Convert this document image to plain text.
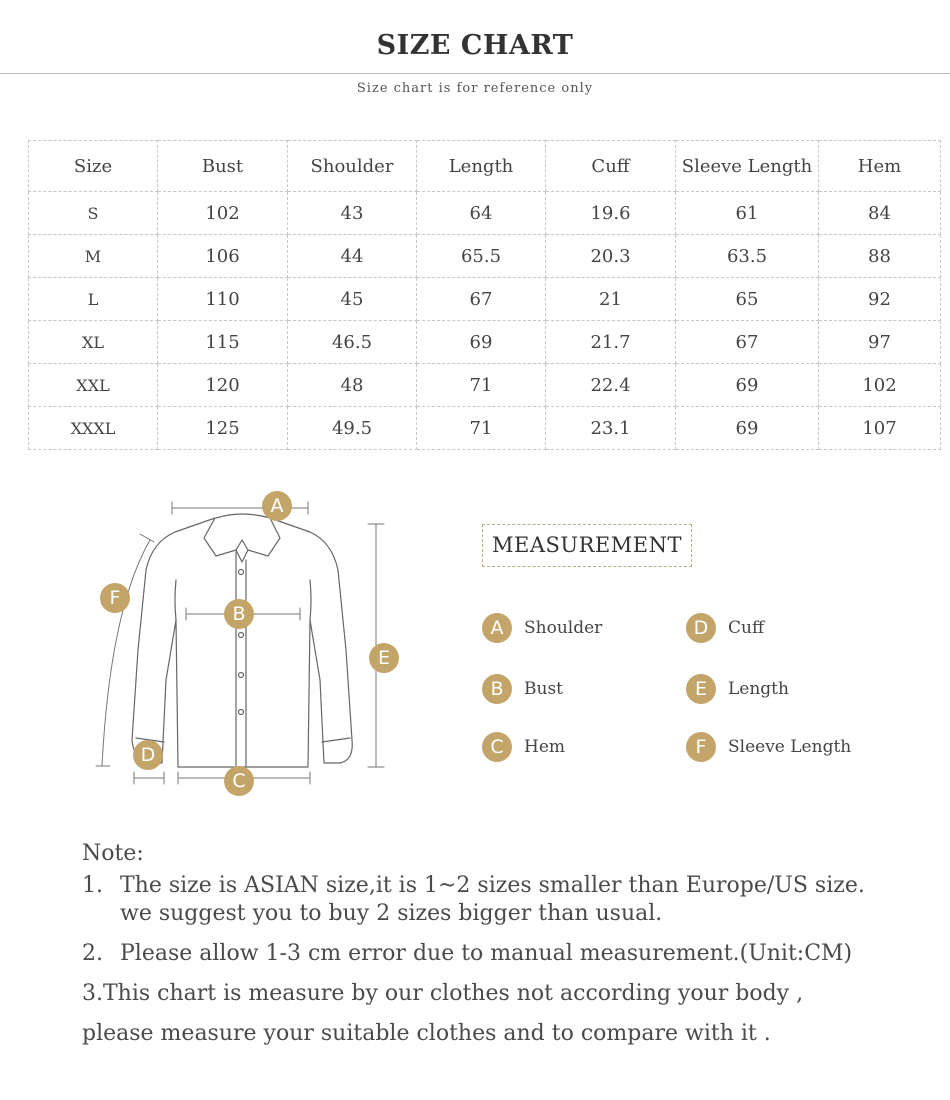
SIZE CHART
Size chart is for reference only
Size	Bust	Shoulder	Length	Cuff	Sleeve Length	Hem
S	102	43	64	19.6	61	84
M	106	44	65.5	20.3	63.5	88
L	110	45	67	21	65	92
XL	115	46.5	69	21.7	67	97
XXL	120	48	71	22.4	69	102
XXXL	125	49.5	71	23.1	69	107
A
B
C
D
E
F
MEASUREMENT
A	Shoulder
B	Bust
C	Hem
D	Cuff
E	Length
F	Sleeve Length
Note:
1. The size is ASIAN size,it is 1~2 sizes smaller than Europe/US size.
we suggest you to buy 2 sizes bigger than usual.
2. Please allow 1-3 cm error due to manual measurement.(Unit:CM)
3.This chart is measure by our clothes not according your body ,
please measure your suitable clothes and to compare with it .
